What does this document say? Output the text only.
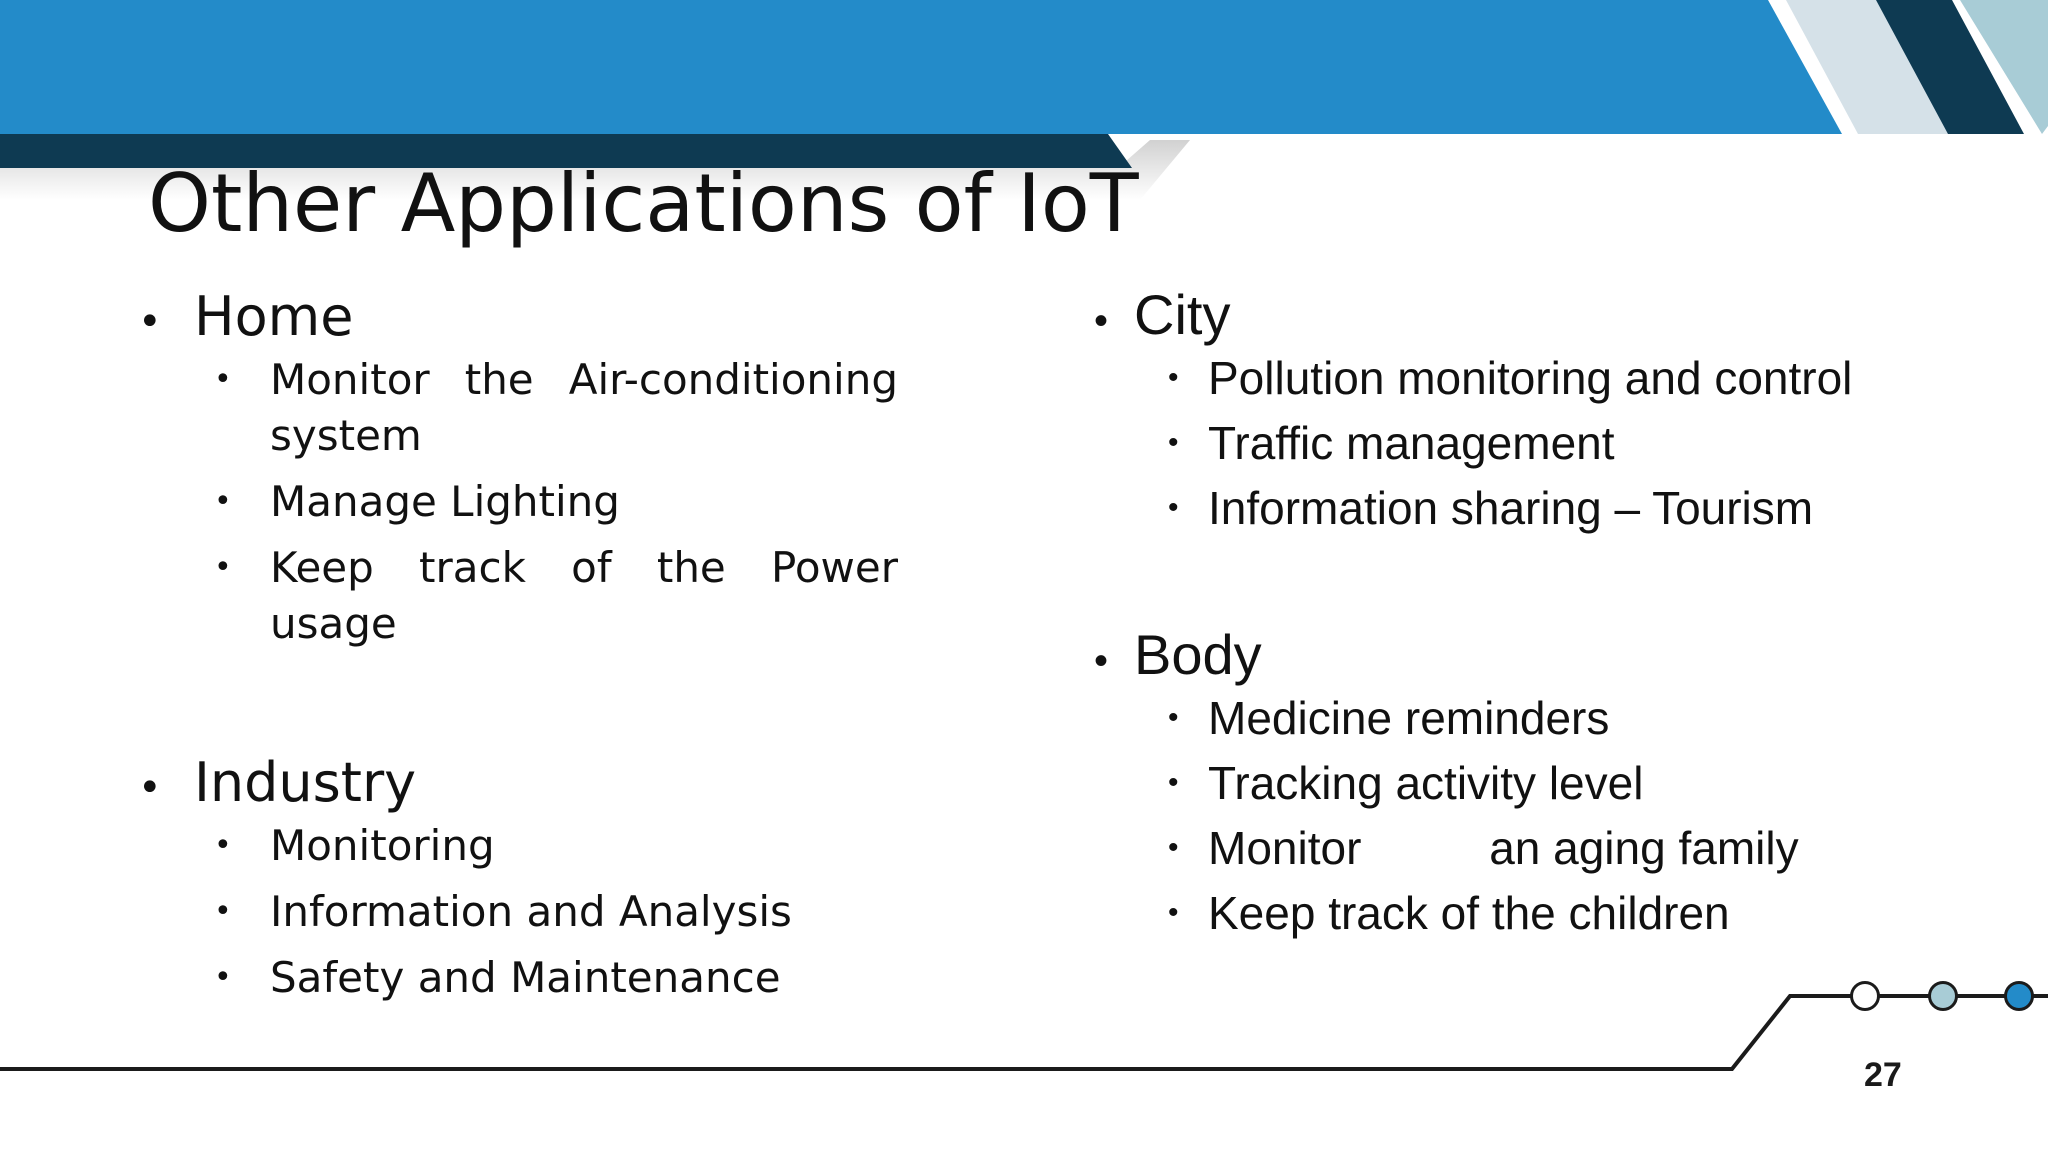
Other Applications of IoT
• Home
• Monitor the Air-conditioning system
• Manage Lighting
• Keep track of the Power usage
• Industry
• Monitoring
• Information and Analysis
• Safety and Maintenance
• City
• Pollution monitoring and control
• Traffic management
• Information sharing – Tourism
• Body
• Medicine reminders
• Tracking activity level
• Monitor          an aging family
• Keep track of the children
27
